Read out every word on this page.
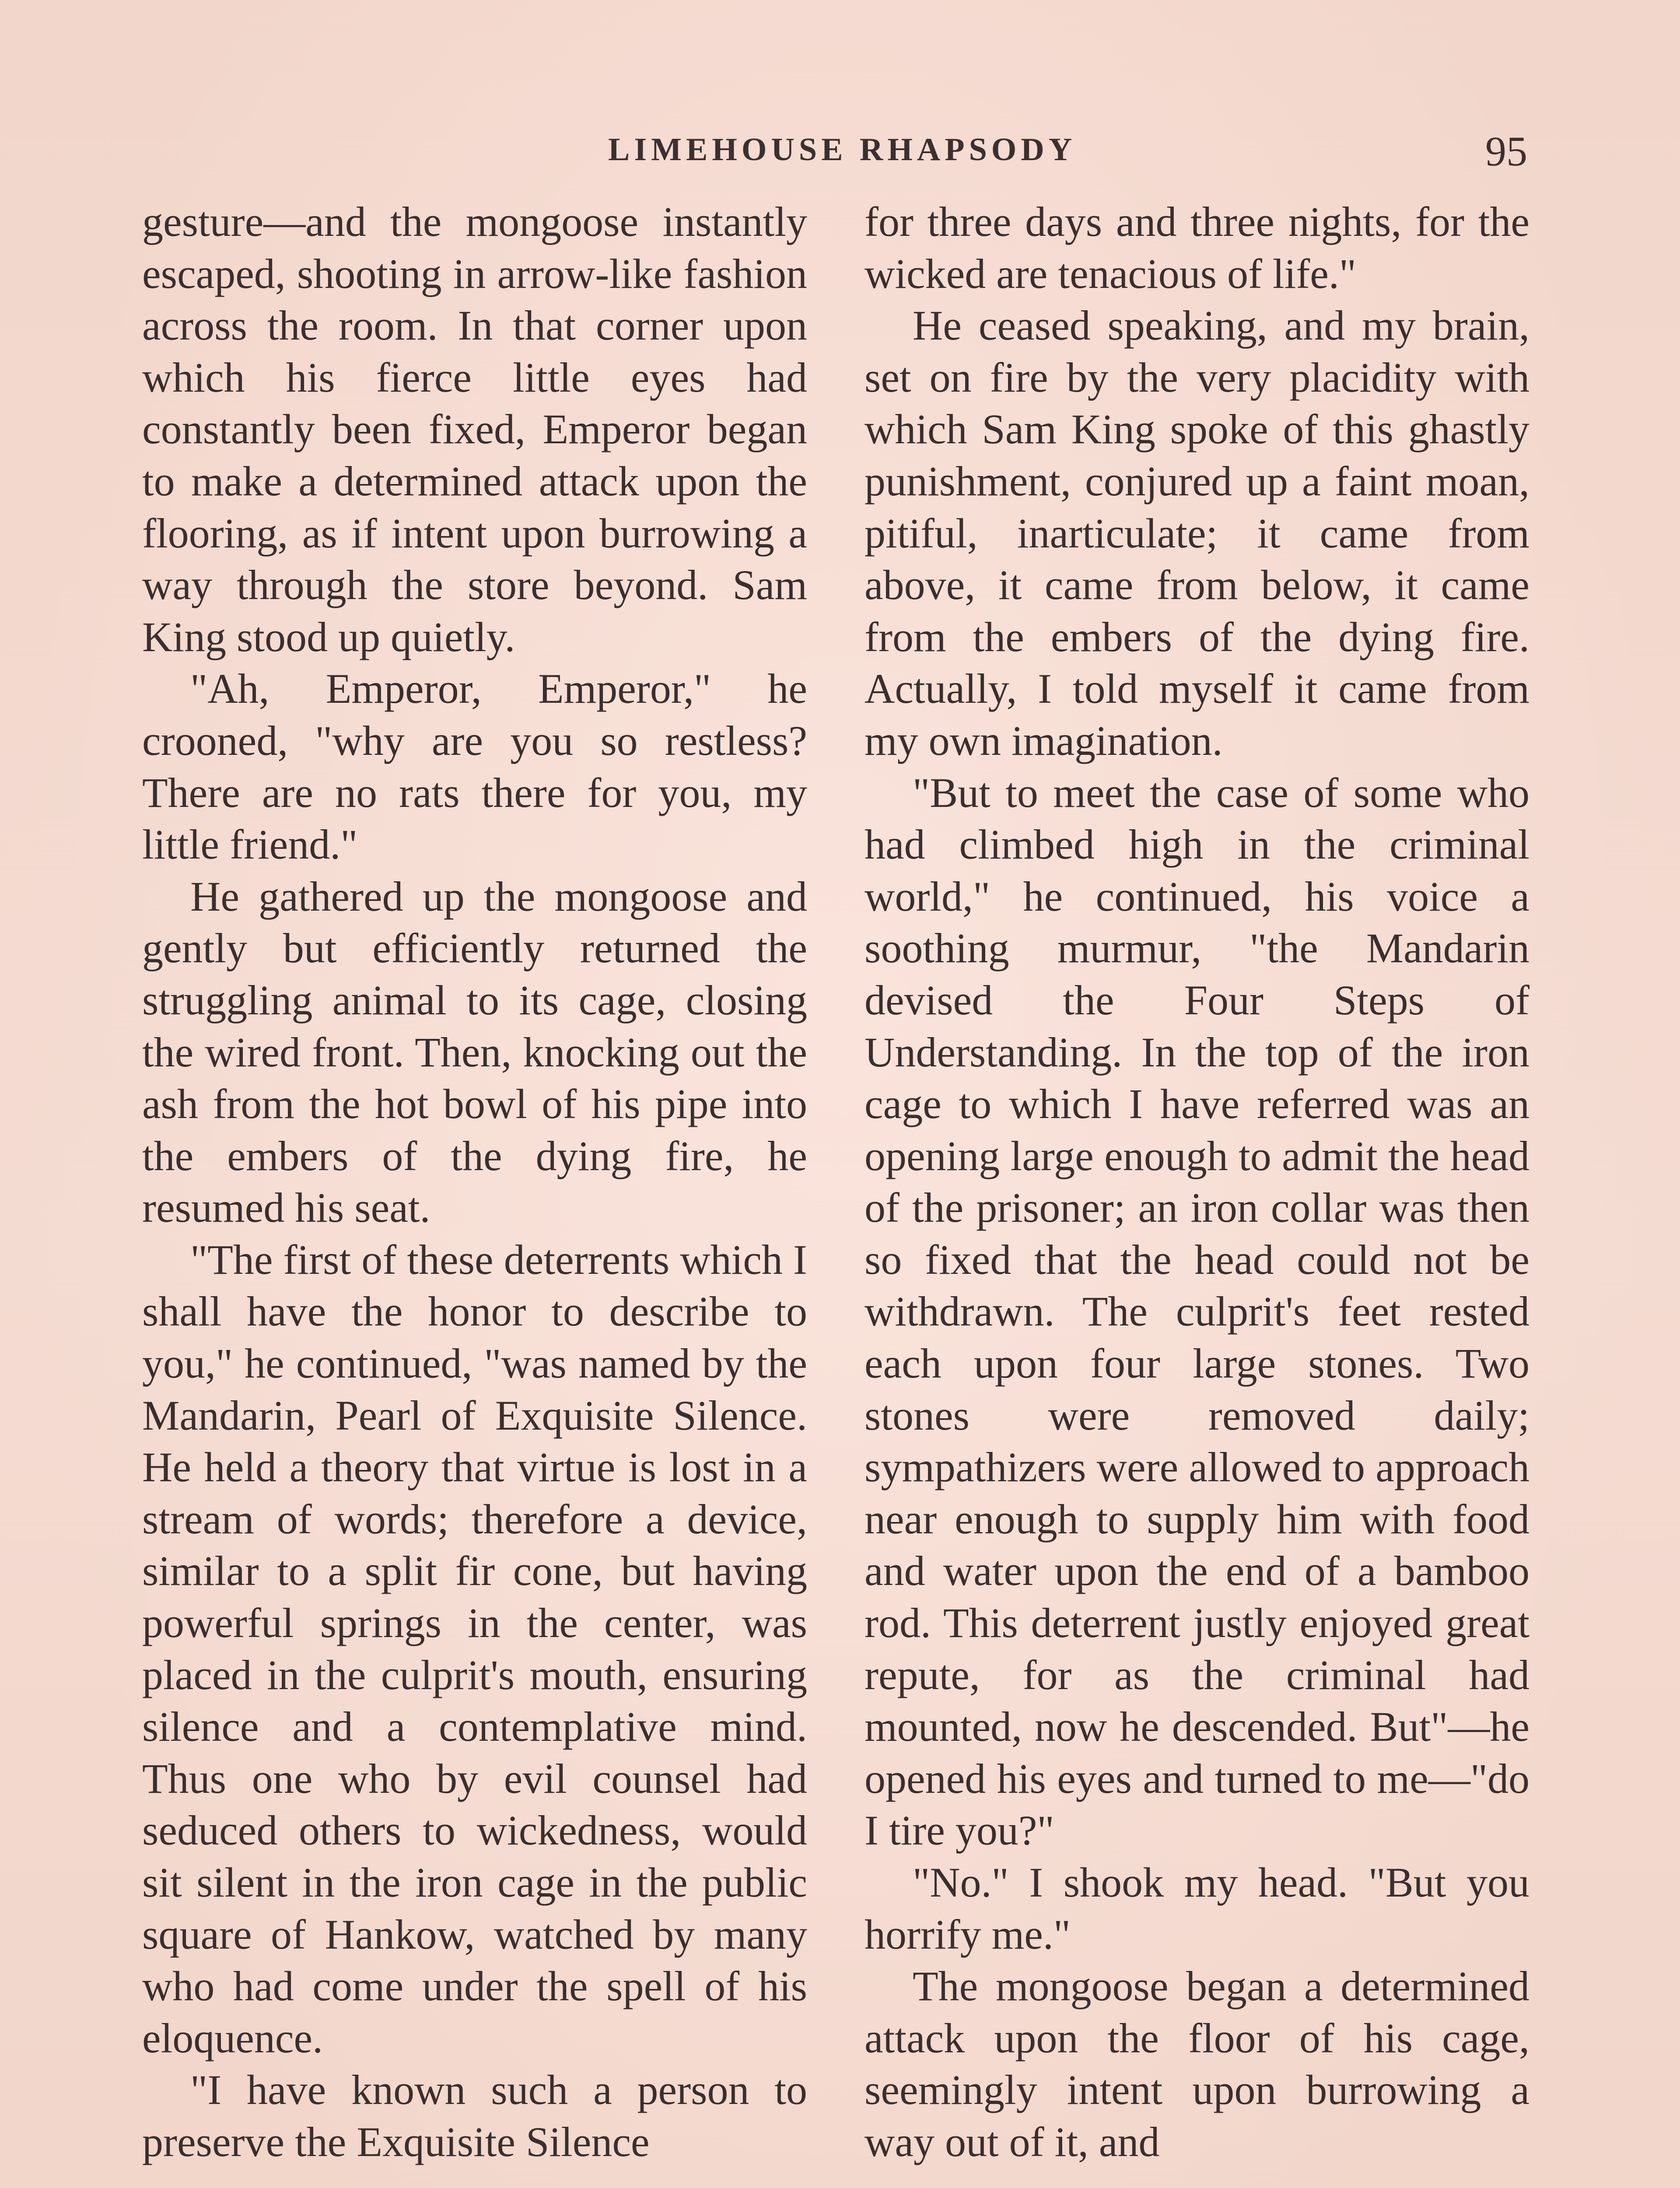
LIMEHOUSE RHAPSODY	95

gesture—and the mongoose instantly escaped, shooting in arrow-like fashion across the room. In that corner upon which his fierce little eyes had constantly been fixed, Emperor began to make a determined attack upon the flooring, as if intent upon burrowing a way through the store beyond. Sam King stood up quietly.

"Ah, Emperor, Emperor," he crooned, "why are you so restless? There are no rats there for you, my little friend."

He gathered up the mongoose and gently but efficiently returned the struggling animal to its cage, closing the wired front. Then, knocking out the ash from the hot bowl of his pipe into the embers of the dying fire, he resumed his seat.

"The first of these deterrents which I shall have the honor to describe to you," he continued, "was named by the Mandarin, Pearl of Exquisite Silence. He held a theory that virtue is lost in a stream of words; therefore a device, similar to a split fir cone, but having powerful springs in the center, was placed in the culprit's mouth, ensuring silence and a contemplative mind. Thus one who by evil counsel had seduced others to wickedness, would sit silent in the iron cage in the public square of Hankow, watched by many who had come under the spell of his eloquence.

"I have known such a person to preserve the Exquisite Silence

for three days and three nights, for the wicked are tenacious of life."

He ceased speaking, and my brain, set on fire by the very placidity with which Sam King spoke of this ghastly punishment, conjured up a faint moan, pitiful, inarticulate; it came from above, it came from below, it came from the embers of the dying fire. Actually, I told myself it came from my own imagination.

"But to meet the case of some who had climbed high in the criminal world," he continued, his voice a soothing murmur, "the Mandarin devised the Four Steps of Understanding. In the top of the iron cage to which I have referred was an opening large enough to admit the head of the prisoner; an iron collar was then so fixed that the head could not be withdrawn. The culprit's feet rested each upon four large stones. Two stones were removed daily; sympathizers were allowed to approach near enough to supply him with food and water upon the end of a bamboo rod. This deterrent justly enjoyed great repute, for as the criminal had mounted, now he descended. But"—he opened his eyes and turned to me—"do I tire you?"

"No." I shook my head. "But you horrify me."

The mongoose began a determined attack upon the floor of his cage, seemingly intent upon burrowing a way out of it, and
